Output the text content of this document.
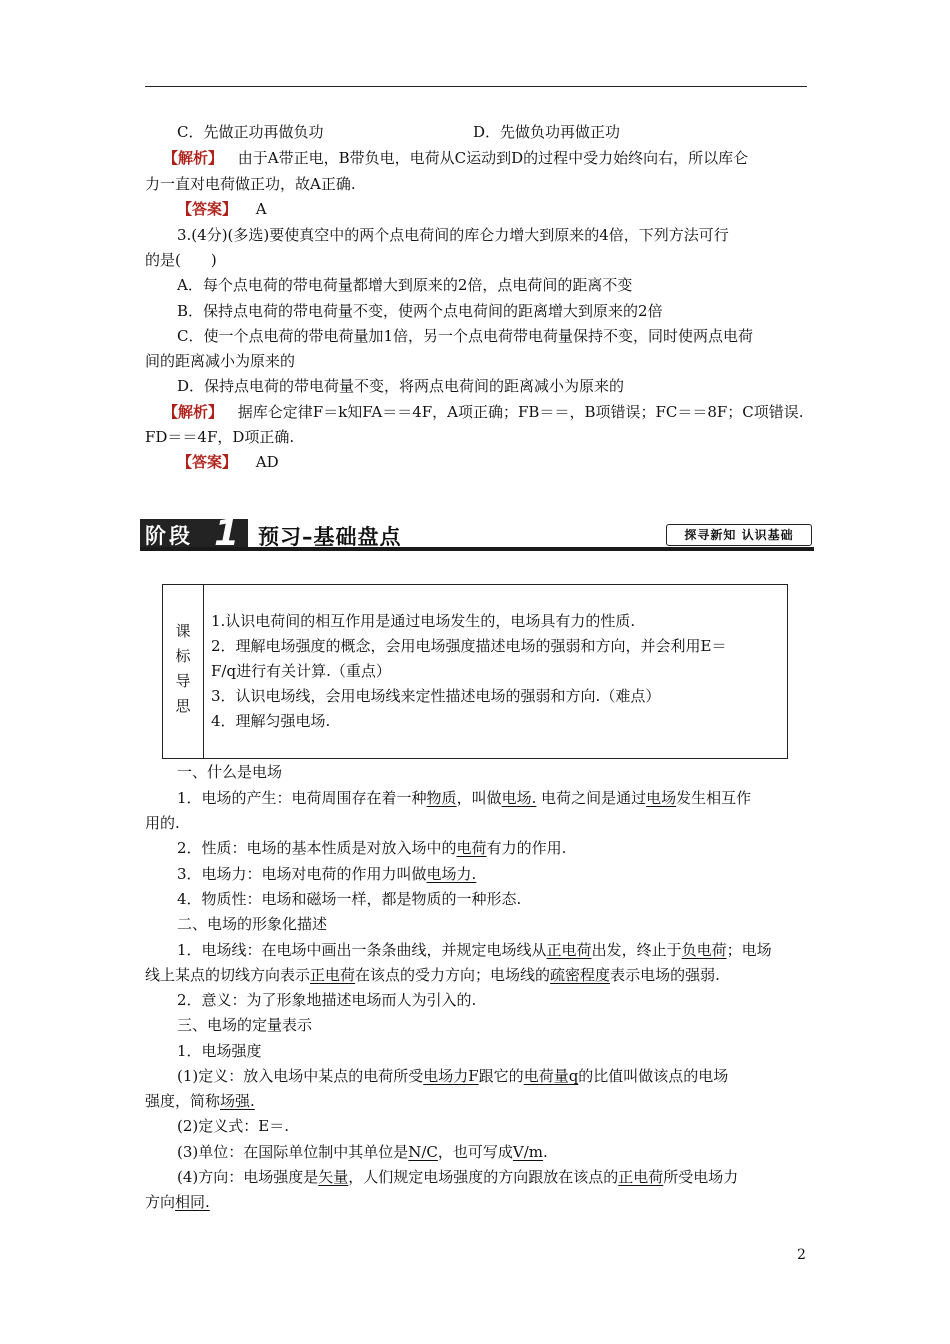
C．先做正功再做负功	D．先做负功再做正功
【解析】 由于A带正电，B带负电，电荷从C运动到D的过程中受力始终向右，所以库仑
力一直对电荷做正功，故A正确.
【答案】 A
3.(4分)(多选)要使真空中的两个点电荷间的库仑力增大到原来的4倍，下列方法可行
的是(　　)
A．每个点电荷的带电荷量都增大到原来的2倍，点电荷间的距离不变
B．保持点电荷的带电荷量不变，使两个点电荷间的距离增大到原来的2倍
C．使一个点电荷的带电荷量加1倍，另一个点电荷带电荷量保持不变，同时使两点电荷
间的距离减小为原来的
D．保持点电荷的带电荷量不变，将两点电荷间的距离减小为原来的
【解析】 据库仑定律F＝k知FA＝＝4F，A项正确；FB＝＝，B项错误；FC＝＝8F；C项错误.
FD＝＝4F，D项正确.
【答案】 AD
阶段 1 预习–基础盘点	探寻新知 认识基础
课
标
导
思
1.认识电荷间的相互作用是通过电场发生的，电场具有力的性质.
2．理解电场强度的概念，会用电场强度描述电场的强弱和方向，并会利用E＝
F/q进行有关计算.（重点）
3．认识电场线，会用电场线来定性描述电场的强弱和方向.（难点）
4．理解匀强电场.
一、什么是电场
1．电场的产生：电荷周围存在着一种物质，叫做电场. 电荷之间是通过电场发生相互作
用的.
2．性质：电场的基本性质是对放入场中的电荷有力的作用.
3．电场力：电场对电荷的作用力叫做电场力.
4．物质性：电场和磁场一样，都是物质的一种形态.
二、电场的形象化描述
1．电场线：在电场中画出一条条曲线，并规定电场线从正电荷出发，终止于负电荷；电场
线上某点的切线方向表示正电荷在该点的受力方向；电场线的疏密程度表示电场的强弱.
2．意义：为了形象地描述电场而人为引入的.
三、电场的定量表示
1．电场强度
(1)定义：放入电场中某点的电荷所受电场力F跟它的电荷量q的比值叫做该点的电场
强度，简称场强.
(2)定义式：E＝.
(3)单位：在国际单位制中其单位是N/C，也可写成V/m.
(4)方向：电场强度是矢量，人们规定电场强度的方向跟放在该点的正电荷所受电场力
方向相同.
2
